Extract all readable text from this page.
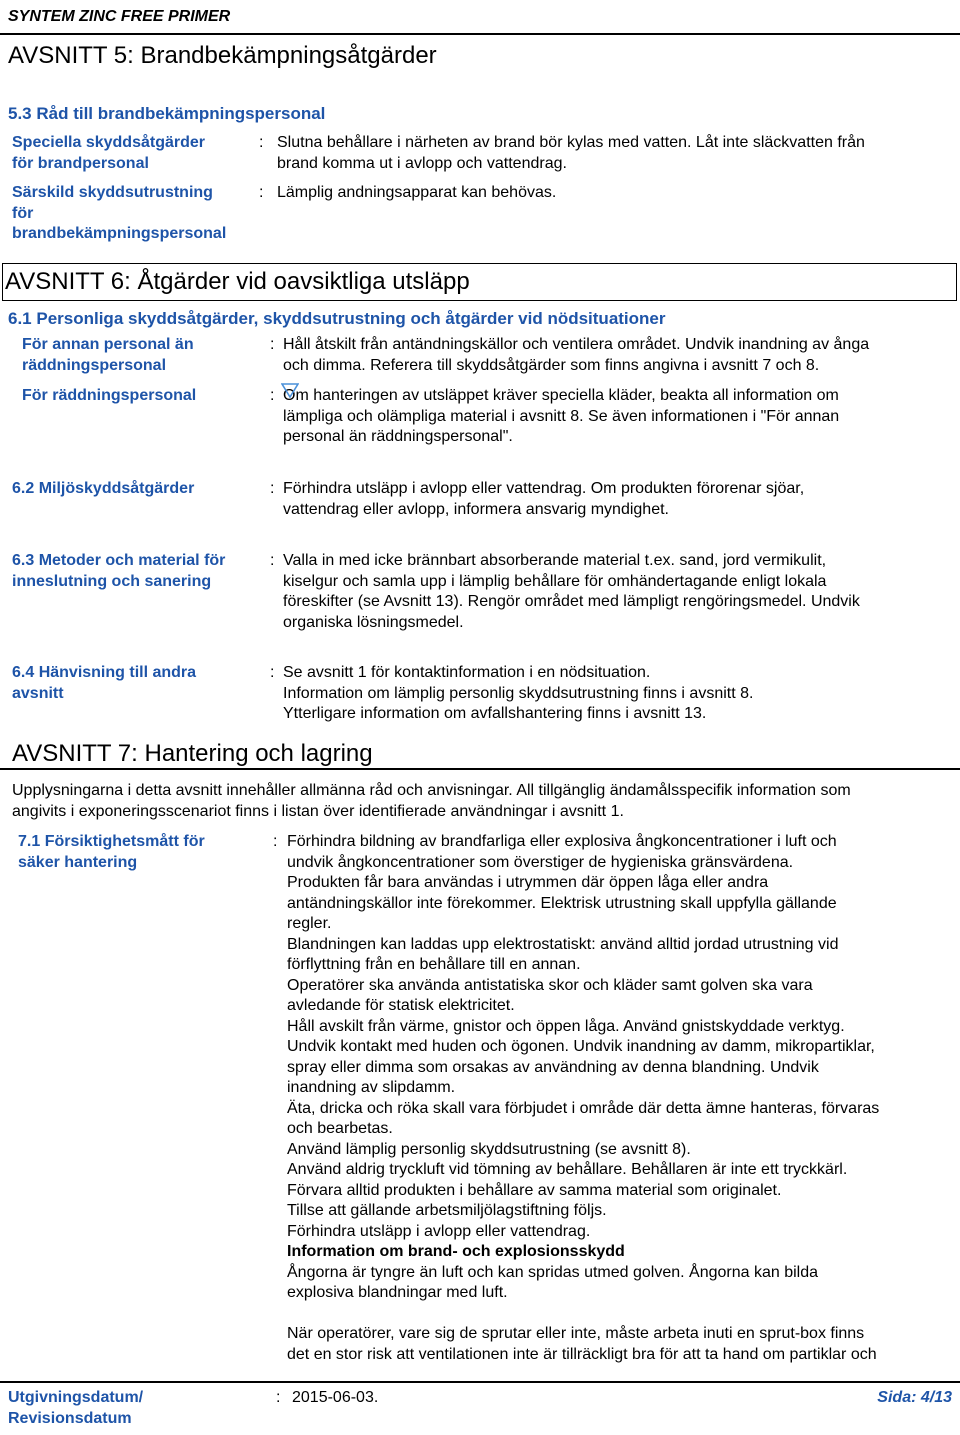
SYNTEM ZINC FREE PRIMER
AVSNITT 5: Brandbekämpningsåtgärder
5.3 Råd till brandbekämpningspersonal
Speciella skyddsåtgärder
för brandpersonal
: Slutna behållare i närheten av brand bör kylas med vatten. Låt inte släckvatten från
brand komma ut i avlopp och vattendrag.
Särskild skyddsutrustning
för
brandbekämpningspersonal
: Lämplig andningsapparat kan behövas.
AVSNITT 6: Åtgärder vid oavsiktliga utsläpp
6.1 Personliga skyddsåtgärder, skyddsutrustning och åtgärder vid nödsituationer
För annan personal än
räddningspersonal
: Håll åtskilt från antändningskällor och ventilera området. Undvik inandning av ånga
och dimma. Referera till skyddsåtgärder som finns angivna i avsnitt 7 och 8.
För räddningspersonal	: Om hanteringen av utsläppet kräver speciella kläder, beakta all information om
lämpliga och olämpliga material i avsnitt 8. Se även informationen i "För annan
personal än räddningspersonal".
6.2 Miljöskyddsåtgärder	: Förhindra utsläpp i avlopp eller vattendrag. Om produkten förorenar sjöar,
vattendrag eller avlopp, informera ansvarig myndighet.
6.3 Metoder och material för
inneslutning och sanering
: Valla in med icke brännbart absorberande material t.ex. sand, jord vermikulit,
kiselgur och samla upp i lämplig behållare för omhändertagande enligt lokala
föreskifter (se Avsnitt 13). Rengör området med lämpligt rengöringsmedel. Undvik
organiska lösningsmedel.
6.4 Hänvisning till andra
avsnitt
: Se avsnitt 1 för kontaktinformation i en nödsituation.
Information om lämplig personlig skyddsutrustning finns i avsnitt 8.
Ytterligare information om avfallshantering finns i avsnitt 13.
AVSNITT 7: Hantering och lagring
Upplysningarna i detta avsnitt innehåller allmänna råd och anvisningar. All tillgänglig ändamålsspecifik information som
angivits i exponeringsscenariot finns i listan över identifierade användningar i avsnitt 1.
7.1 Försiktighetsmått för
säker hantering
: Förhindra bildning av brandfarliga eller explosiva ångkoncentrationer i luft och
undvik ångkoncentrationer som överstiger de hygieniska gränsvärdena.
Produkten får bara användas i utrymmen där öppen låga eller andra
antändningskällor inte förekommer. Elektrisk utrustning skall uppfylla gällande
regler.
Blandningen kan laddas upp elektrostatiskt: använd alltid jordad utrustning vid
förflyttning från en behållare till en annan.
Operatörer ska använda antistatiska skor och kläder samt golven ska vara
avledande för statisk elektricitet.
Håll avskilt från värme, gnistor och öppen låga. Använd gnistskyddade verktyg.
Undvik kontakt med huden och ögonen. Undvik inandning av damm, mikropartiklar,
spray eller dimma som orsakas av användning av denna blandning. Undvik
inandning av slipdamm.
Äta, dricka och röka skall vara förbjudet i område där detta ämne hanteras, förvaras
och bearbetas.
Använd lämplig personlig skyddsutrustning (se avsnitt 8).
Använd aldrig tryckluft vid tömning av behållare. Behållaren är inte ett tryckkärl.
Förvara alltid produkten i behållare av samma material som originalet.
Tillse att gällande arbetsmiljölagstiftning följs.
Förhindra utsläpp i avlopp eller vattendrag.
Information om brand- och explosionsskydd
Ångorna är tyngre än luft och kan spridas utmed golven. Ångorna kan bilda
explosiva blandningar med luft.
När operatörer, vare sig de sprutar eller inte, måste arbeta inuti en sprut-box finns
det en stor risk att ventilationen inte är tillräckligt bra för att ta hand om partiklar och
Utgivningsdatum/
Revisionsdatum
: 2015-06-03.	Sida: 4/13
